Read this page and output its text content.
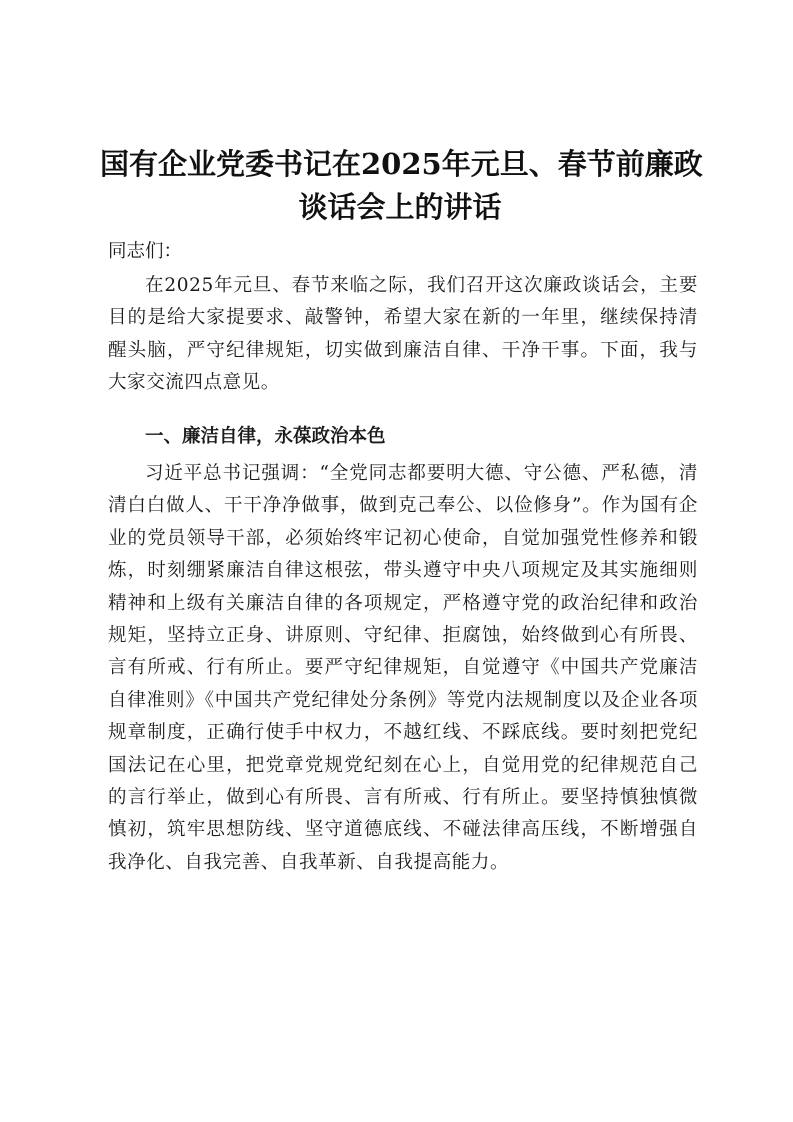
国有企业党委书记在2025年元旦、春节前廉政
谈话会上的讲话

同志们：

在2025年元旦、春节来临之际，我们召开这次廉政谈话会，主要目的是给大家提要求、敲警钟，希望大家在新的一年里，继续保持清醒头脑，严守纪律规矩，切实做到廉洁自律、干净干事。下面，我与大家交流四点意见。

一、廉洁自律，永葆政治本色

习近平总书记强调：“全党同志都要明大德、守公德、严私德，清清白白做人、干干净净做事，做到克己奉公、以俭修身”。作为国有企业的党员领导干部，必须始终牢记初心使命，自觉加强党性修养和锻炼，时刻绷紧廉洁自律这根弦，带头遵守中央八项规定及其实施细则精神和上级有关廉洁自律的各项规定，严格遵守党的政治纪律和政治规矩，坚持立正身、讲原则、守纪律、拒腐蚀，始终做到心有所畏、言有所戒、行有所止。要严守纪律规矩，自觉遵守《中国共产党廉洁自律准则》《中国共产党纪律处分条例》等党内法规制度以及企业各项规章制度，正确行使手中权力，不越红线、不踩底线。要时刻把党纪国法记在心里，把党章党规党纪刻在心上，自觉用党的纪律规范自己的言行举止，做到心有所畏、言有所戒、行有所止。要坚持慎独慎微慎初，筑牢思想防线、坚守道德底线、不碰法律高压线，不断增强自我净化、自我完善、自我革新、自我提高能力。
